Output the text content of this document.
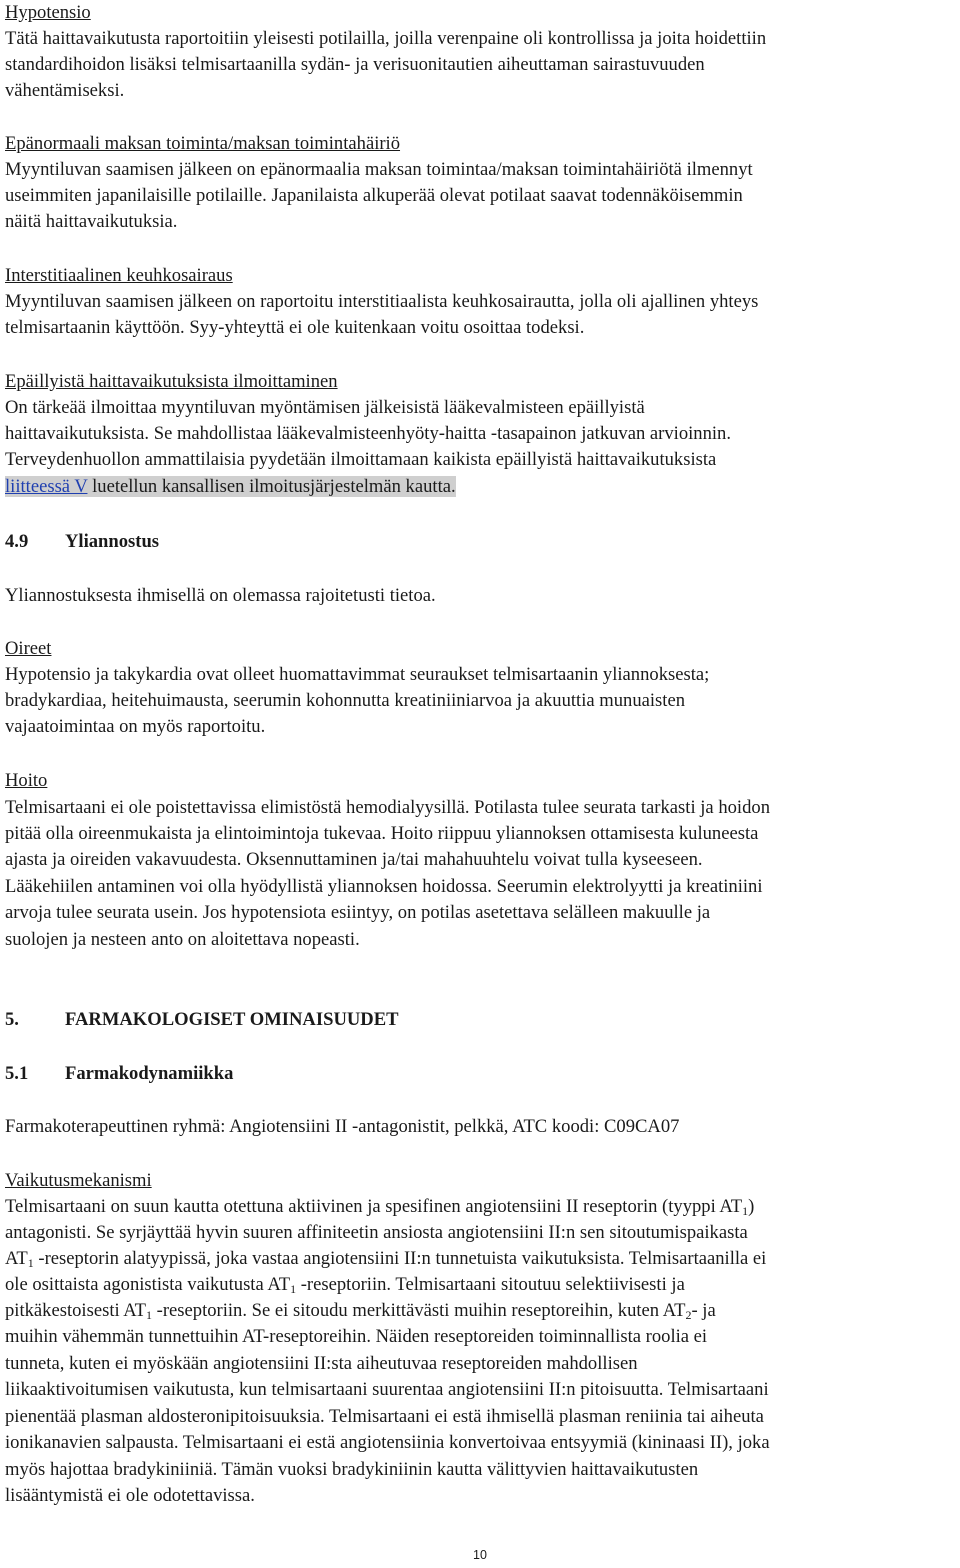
Hypotensio
Tätä haittavaikutusta raportoitiin yleisesti potilailla, joilla verenpaine oli kontrollissa ja joita hoidettiin
standardihoidon lisäksi telmisartaanilla sydän- ja verisuonitautien aiheuttaman sairastuvuuden
vähentämiseksi.
Epänormaali maksan toiminta/maksan toimintahäiriö
Myyntiluvan saamisen jälkeen on epänormaalia maksan toimintaa/maksan toimintahäiriötä ilmennyt
useimmiten japanilaisille potilaille. Japanilaista alkuperää olevat potilaat saavat todennäköisemmin
näitä haittavaikutuksia.
Interstitiaalinen keuhkosairaus
Myyntiluvan saamisen jälkeen on raportoitu interstitiaalista keuhkosairautta, jolla oli ajallinen yhteys
telmisartaanin käyttöön. Syy-yhteyttä ei ole kuitenkaan voitu osoittaa todeksi.
Epäillyistä haittavaikutuksista ilmoittaminen
On tärkeää ilmoittaa myyntiluvan myöntämisen jälkeisistä lääkevalmisteen epäillyistä
haittavaikutuksista. Se mahdollistaa lääkevalmisteenhyöty-haitta -tasapainon jatkuvan arvioinnin.
Terveydenhuollon ammattilaisia pyydetään ilmoittamaan kaikista epäillyistä haittavaikutuksista
liitteessä V luetellun kansallisen ilmoitusjärjestelmän kautta.
4.9 Yliannostus
Yliannostuksesta ihmisellä on olemassa rajoitetusti tietoa.
Oireet
Hypotensio ja takykardia ovat olleet huomattavimmat seuraukset telmisartaanin yliannoksesta;
bradykardiaa, heitehuimausta, seerumin kohonnutta kreatiniiniarvoa ja akuuttia munuaisten
vajaatoimintaa on myös raportoitu.
Hoito
Telmisartaani ei ole poistettavissa elimistöstä hemodialyysillä. Potilasta tulee seurata tarkasti ja hoidon
pitää olla oireenmukaista ja elintoimintoja tukevaa. Hoito riippuu yliannoksen ottamisesta kuluneesta
ajasta ja oireiden vakavuudesta. Oksennuttaminen ja/tai mahahuuhtelu voivat tulla kyseeseen.
Lääkehiilen antaminen voi olla hyödyllistä yliannoksen hoidossa. Seerumin elektrolyytti ja kreatiniini
arvoja tulee seurata usein. Jos hypotensiota esiintyy, on potilas asetettava selälleen makuulle ja
suolojen ja nesteen anto on aloitettava nopeasti.
5. FARMAKOLOGISET OMINAISUUDET
5.1 Farmakodynamiikka
Farmakoterapeuttinen ryhmä: Angiotensiini II -antagonistit, pelkkä, ATC koodi: C09CA07
Vaikutusmekanismi
Telmisartaani on suun kautta otettuna aktiivinen ja spesifinen angiotensiini II reseptorin (tyyppi $AT_1$)
antagonisti. Se syrjäyttää hyvin suuren affiniteetin ansiosta angiotensiini II:n sen sitoutumispaikasta
$AT_1$ -reseptorin alatyypissä, joka vastaa angiotensiini II:n tunnetuista vaikutuksista. Telmisartaanilla ei
ole osittaista agonistista vaikutusta $AT_1$ -reseptoriin. Telmisartaani sitoutuu selektiivisesti ja
pitkäkestoisesti $AT_1$ -reseptoriin. Se ei sitoudu merkittävästi muihin reseptoreihin, kuten $AT_2-$ ja
muihin vähemmän tunnettuihin AT-reseptoreihin. Näiden reseptoreiden toiminnallista roolia ei
tunneta, kuten ei myöskään angiotensiini II:sta aiheutuvaa reseptoreiden mahdollisen
liikaaktivoitumisen vaikutusta, kun telmisartaani suurentaa angiotensiini II:n pitoisuutta. Telmisartaani
pienentää plasman aldosteronipitoisuuksia. Telmisartaani ei estä ihmisellä plasman reniinia tai aiheuta
ionikanavien salpausta. Telmisartaani ei estä angiotensiinia konvertoivaa entsyymiä (kininaasi II), joka
myös hajottaa bradykiniiniä. Tämän vuoksi bradykiniinin kautta välittyvien haittavaikutusten
lisääntymistä ei ole odotettavissa.
10
